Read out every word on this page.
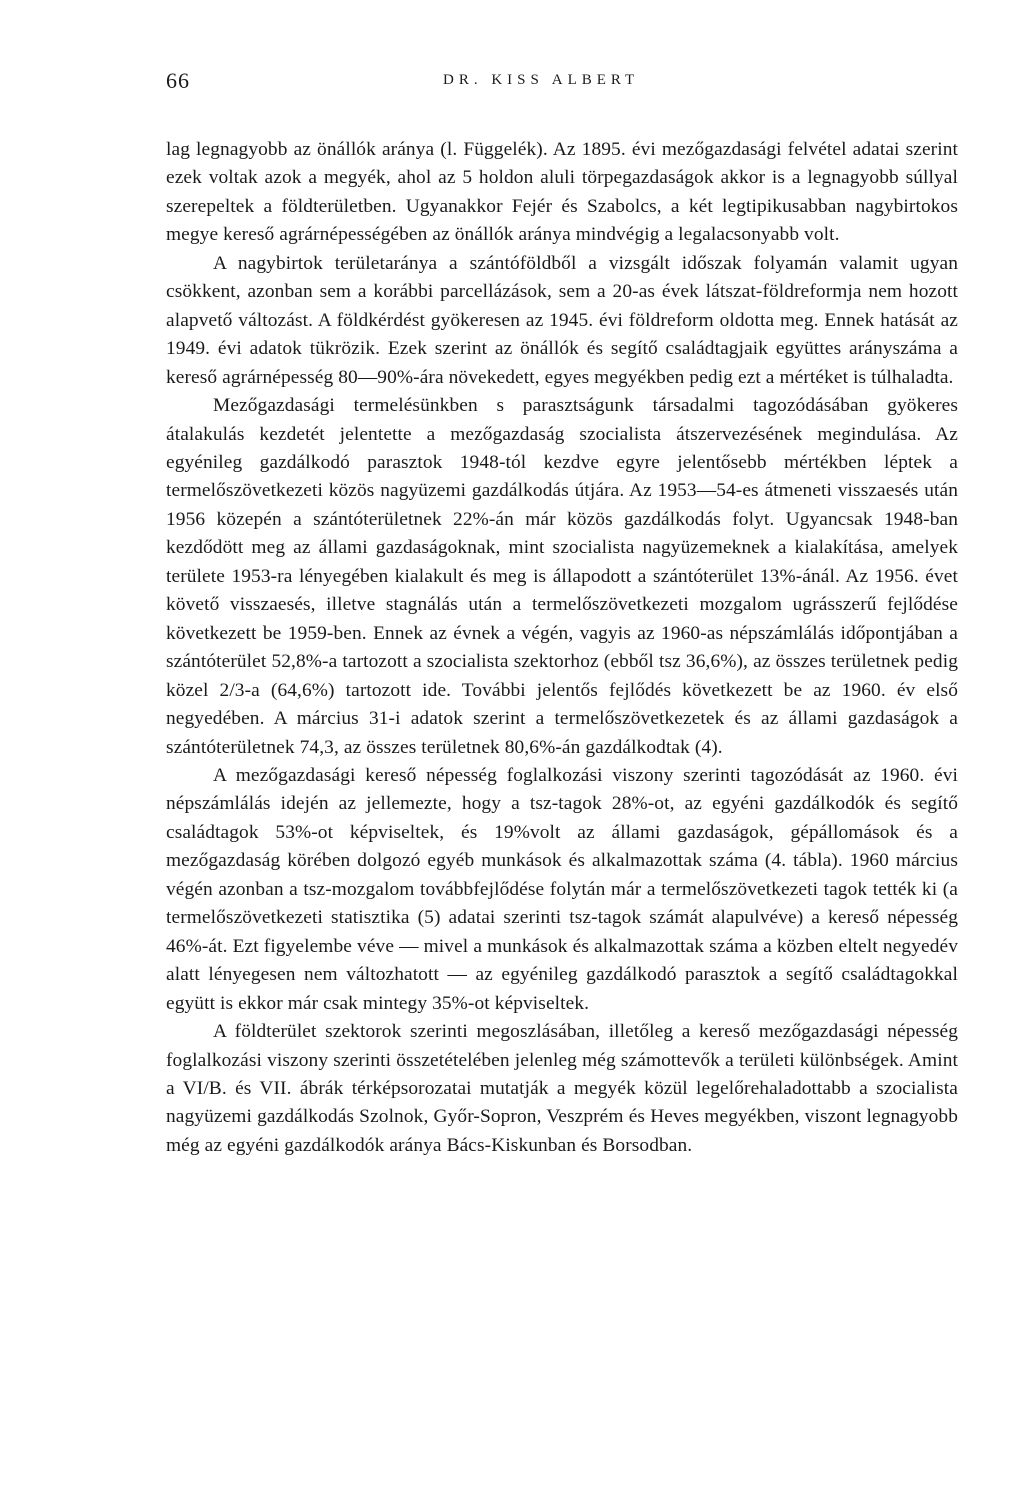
66	DR. KISS ALBERT

lag legnagyobb az önállók aránya (l. Függelék). Az 1895. évi mezőgazdasági felvétel adatai szerint ezek voltak azok a megyék, ahol az 5 holdon aluli törpegazdaságok akkor is a legnagyobb súllyal szerepeltek a földterületben. Ugyanakkor Fejér és Szabolcs, a két legtipikusabban nagybirtokos megye kereső agrárnépességében az önállók aránya mindvégig a legalacsonyabb volt.

A nagybirtok területaránya a szántóföldből a vizsgált időszak folyamán valamit ugyan csökkent, azonban sem a korábbi parcellázások, sem a 20-as évek látszat-földreformja nem hozott alapvető változást. A földkérdést gyökeresen az 1945. évi földreform oldotta meg. Ennek hatását az 1949. évi adatok tükrözik. Ezek szerint az önállók és segítő családtagjaik együttes arányszáma a kereső agrárnépesség 80—90%-ára növekedett, egyes megyékben pedig ezt a mértéket is túlhaladta.

Mezőgazdasági termelésünkben s parasztságunk társadalmi tagozódásában gyökeres átalakulás kezdetét jelentette a mezőgazdaság szocialista átszervezésének megindulása. Az egyénileg gazdálkodó parasztok 1948-tól kezdve egyre jelentősebb mértékben léptek a termelőszövetkezeti közös nagyüzemi gazdálkodás útjára. Az 1953—54-es átmeneti visszaesés után 1956 közepén a szántóterületnek 22%-án már közös gazdálkodás folyt. Ugyancsak 1948-ban kezdődött meg az állami gazdaságoknak, mint szocialista nagyüzemeknek a kialakítása, amelyek területe 1953-ra lényegében kialakult és meg is állapodott a szántóterület 13%-ánál. Az 1956. évet követő visszaesés, illetve stagnálás után a termelőszövetkezeti mozgalom ugrásszerű fejlődése következett be 1959-ben. Ennek az évnek a végén, vagyis az 1960-as népszámlálás időpontjában a szántóterület 52,8%-a tartozott a szocialista szektorhoz (ebből tsz 36,6%), az összes területnek pedig közel 2/3-a (64,6%) tartozott ide. További jelentős fejlődés következett be az 1960. év első negyedében. A március 31-i adatok szerint a termelőszövetkezetek és az állami gazdaságok a szántóterületnek 74,3, az összes területnek 80,6%-án gazdálkodtak (4).

A mezőgazdasági kereső népesség foglalkozási viszony szerinti tagozódását az 1960. évi népszámlálás idején az jellemezte, hogy a tsz-tagok 28%-ot, az egyéni gazdálkodók és segítő családtagok 53%-ot képviseltek, és 19%volt az állami gazdaságok, gépállomások és a mezőgazdaság körében dolgozó egyéb munkások és alkalmazottak száma (4. tábla). 1960 március végén azonban a tsz-mozgalom továbbfejlődése folytán már a termelőszövetkezeti tagok tették ki (a termelőszövetkezeti statisztika (5) adatai szerinti tsz-tagok számát alapulvéve) a kereső népesség 46%-át. Ezt figyelembe véve — mivel a munkások és alkalmazottak száma a közben eltelt negyedév alatt lényegesen nem változhatott — az egyénileg gazdálkodó parasztok a segítő családtagokkal együtt is ekkor már csak mintegy 35%-ot képviseltek.

A földterület szektorok szerinti megoszlásában, illetőleg a kereső mezőgazdasági népesség foglalkozási viszony szerinti összetételében jelenleg még számottevők a területi különbségek. Amint a VI/B. és VII. ábrák térképsorozatai mutatják a megyék közül legelőrehaladottabb a szocialista nagyüzemi gazdálkodás Szolnok, Győr-Sopron, Veszprém és Heves megyékben, viszont legnagyobb még az egyéni gazdálkodók aránya Bács-Kiskunban és Borsodban.
